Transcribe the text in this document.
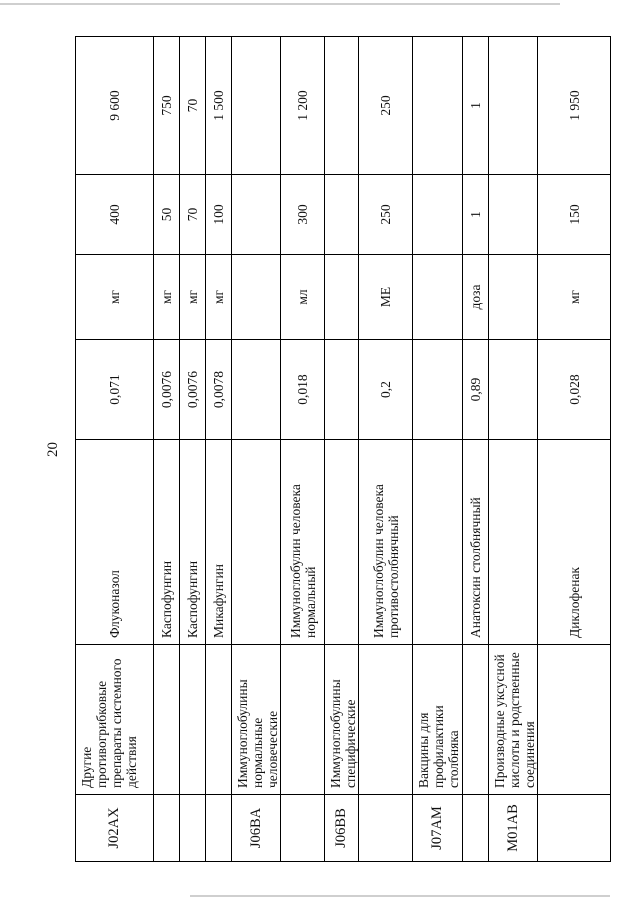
20
J02AX	Другие противогрибковые препараты системного действия	Флуконазол	0,071	мг	400	9 600
		Каспофунгин	0,0076	мг	50	750
		Каспофунгин	0,0076	мг	70	70
		Микафунгин	0,0078	мг	100	1 500
J06BA	Иммуноглобулины нормальные человеческие					
		Иммуноглобулин человека нормальный	0,018	мл	300	1 200
J06BB	Иммуноглобулины специфические					
		Иммуноглобулин человека противостолбнячный	0,2	МЕ	250	250
J07AM	Вакцины для профилактики столбняка					
		Анатоксин столбнячный	0,89	доза	1	1
M01AB	Производные уксусной кислоты и родственные соединения					
		Диклофенак	0,028	мг	150	1 950
